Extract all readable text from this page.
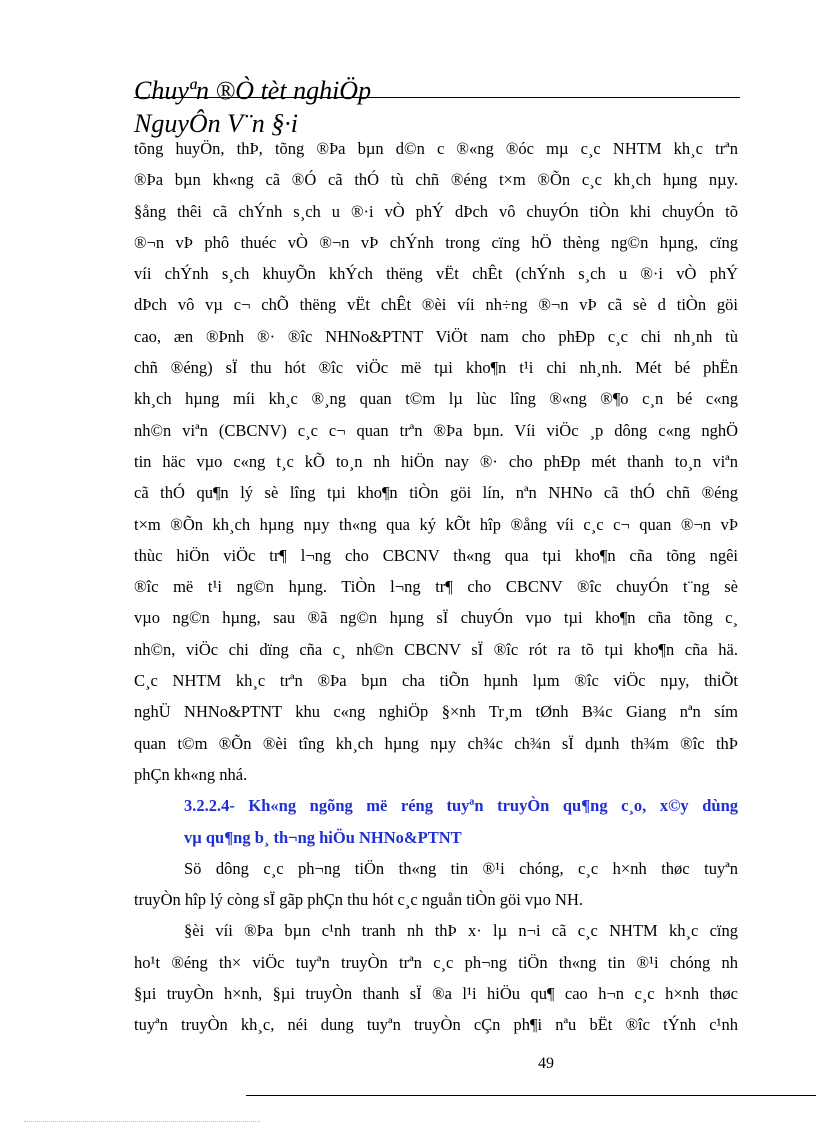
Chuyªn ®Ò tèt nghiÖp
NguyÔn V¨n §·i
tõng huyÖn, thÞ, tõng ®Þa bµn d©n c ®«ng ®óc mµ c¸c NHTM kh¸c trªn
®Þa bµn kh«ng cã ®Ó cã thÓ tù chñ ®éng t×m ®Õn c¸c kh¸ch hµng nµy.
§ång thêi cã chÝnh s¸ch u ®·i vÒ phÝ dÞch vô chuyÓn tiÒn khi chuyÓn tõ
®¬n vÞ phô thuéc vÒ ®¬n vÞ chÝnh trong cïng hÖ thèng ng©n hµng, cïng
víi chÝnh s¸ch khuyÕn khÝch thëng vËt chÊt (chÝnh s¸ch u ®·i vÒ phÝ
dÞch vô vµ c¬ chÕ thëng vËt chÊt ®èi víi nh÷ng ®¬n vÞ cã sè d tiÒn göi
cao, æn ®Þnh ®· ®îc NHNo&PTNT ViÖt nam cho phÐp c¸c chi nh¸nh tù
chñ ®éng) sÏ thu hót ®îc viÖc më tµi kho¶n t¹i chi nh¸nh. Mét bé phËn
kh¸ch hµng míi kh¸c ®¸ng quan t©m lµ lùc lîng ®«ng ®¶o c¸n bé c«ng
nh©n viªn (CBCNV) c¸c c¬ quan trªn ®Þa bµn. Víi viÖc ¸p dông c«ng nghÖ
tin häc vµo c«ng t¸c kÕ to¸n nh hiÖn nay ®· cho phÐp mét thanh to¸n viªn
cã thÓ qu¶n lý sè lîng tµi kho¶n tiÒn göi lín, nªn NHNo cã thÓ chñ ®éng
t×m ®Õn kh¸ch hµng nµy th«ng qua ký kÕt hîp ®ång víi c¸c c¬ quan ®¬n vÞ
thùc hiÖn viÖc tr¶ l¬ng cho CBCNV th«ng qua tµi kho¶n cña tõng ngêi
®îc më t¹i ng©n hµng. TiÒn l¬ng tr¶ cho CBCNV ®îc chuyÓn t¨ng sè
vµo ng©n hµng, sau ®ã ng©n hµng sÏ chuyÓn vµo tµi kho¶n cña tõng c¸
nh©n, viÖc chi dïng cña c¸ nh©n CBCNV sÏ ®îc rót ra tõ tµi kho¶n cña hä.
C¸c NHTM kh¸c trªn ®Þa bµn cha tiÕn hµnh lµm ®îc viÖc nµy, thiÕt
nghÜ NHNo&PTNT khu c«ng nghiÖp §×nh Tr¸m tØnh B¾c Giang nªn sím
quan t©m ®Õn ®èi tîng kh¸ch hµng nµy ch¾c ch¾n sÏ dµnh th¾m ®îc thÞ
phÇn kh«ng nhá.
3.2.2.4- Kh«ng ngõng më réng tuyªn truyÒn qu¶ng c¸o, x©y dùng
vµ qu¶ng b¸ th¬ng hiÖu NHNo&PTNT
Sö dông c¸c ph¬ng tiÖn th«ng tin ®¹i chóng, c¸c h×nh thøc tuyªn
truyÒn hîp lý còng sÏ gãp phÇn thu hót c¸c nguån tiÒn göi vµo NH.
§èi víi ®Þa bµn c¹nh tranh nh thÞ x· lµ n¬i cã c¸c NHTM kh¸c cïng
ho¹t ®éng th× viÖc tuyªn truyÒn trªn c¸c ph¬ng tiÖn th«ng tin ®¹i chóng nh
§µi truyÒn h×nh, §µi truyÒn thanh sÏ ®a l¹i hiÖu qu¶ cao h¬n c¸c h×nh thøc
tuyªn truyÒn kh¸c, néi dung tuyªn truyÒn cÇn ph¶i nªu bËt ®îc tÝnh c¹nh
49
